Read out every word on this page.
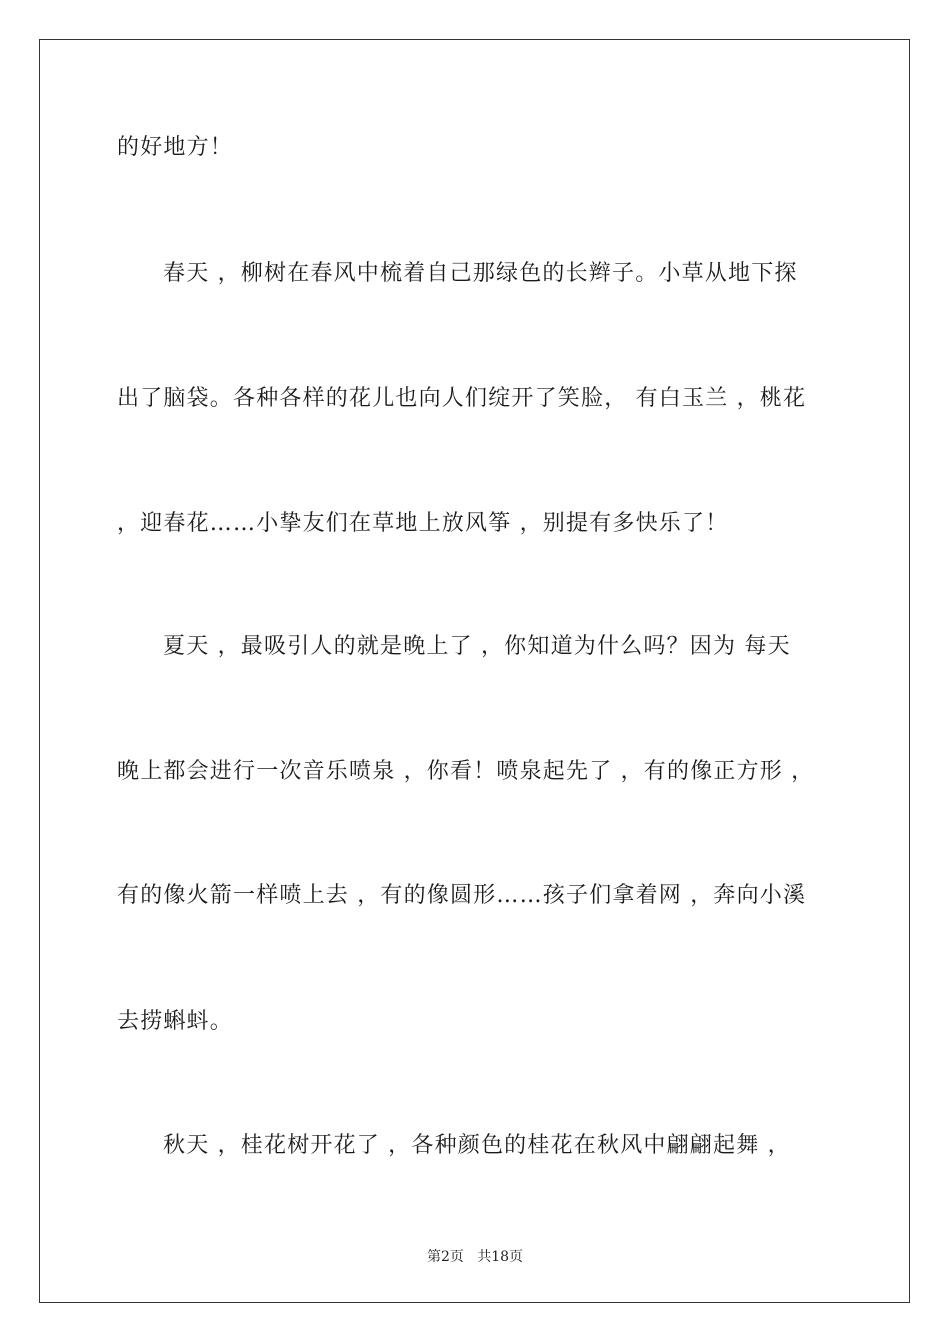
的好地方！
春天 ，柳树在春风中梳着自己那绿色的长辫子。小草从地下探
出了脑袋。各种各样的花儿也向人们绽开了笑脸， 有白玉兰 ，桃花
，迎春花……小挚友们在草地上放风筝 ，别提有多快乐了！
夏天 ，最吸引人的就是晚上了 ，你知道为什么吗？因为 每天
晚上都会进行一次音乐喷泉 ，你看！喷泉起先了 ，有的像正方形 ，
有的像火箭一样喷上去 ，有的像圆形……孩子们拿着网 ，奔向小溪
去捞蝌蚪。
秋天 ，桂花树开花了 ，各种颜色的桂花在秋风中翩翩起舞 ，
第2页   共18页
